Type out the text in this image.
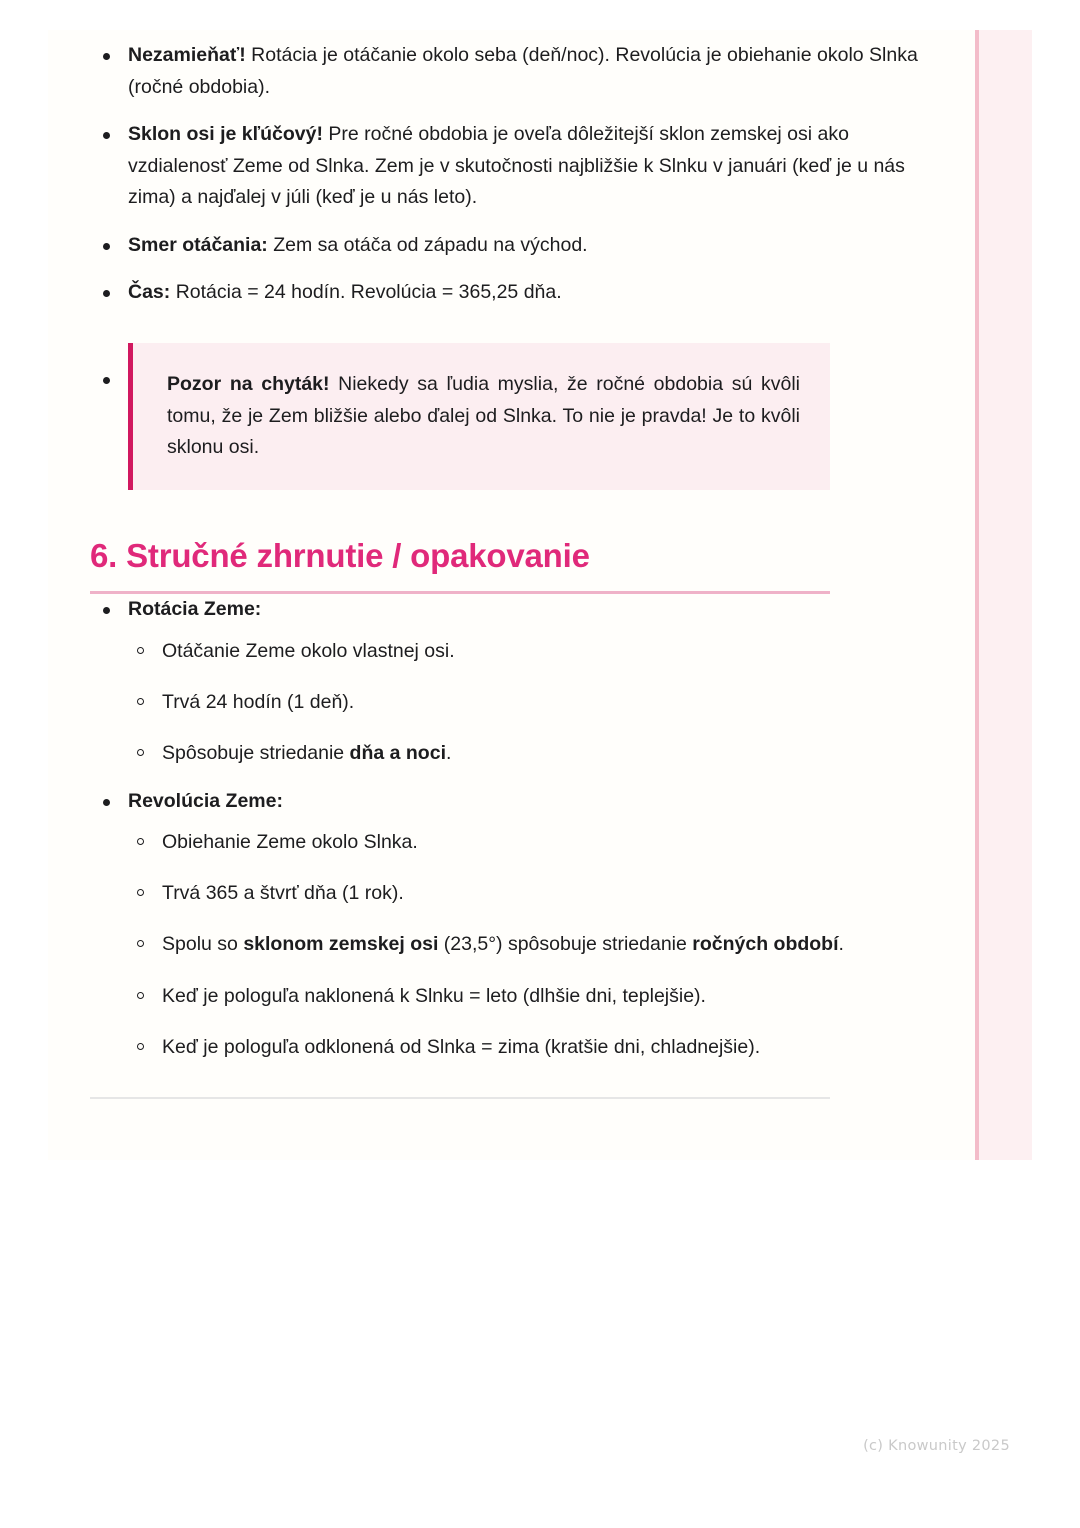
Nezamieňať! Rotácia je otáčanie okolo seba (deň/noc). Revolúcia je obiehanie okolo Slnka (ročné obdobia).
Sklon osi je kľúčový! Pre ročné obdobia je oveľa dôležitejší sklon zemskej osi ako vzdialenosť Zeme od Slnka. Zem je v skutočnosti najbližšie k Slnku v januári (keď je u nás zima) a najďalej v júli (keď je u nás leto).
Smer otáčania: Zem sa otáča od západu na východ.
Čas: Rotácia = 24 hodín. Revolúcia = 365,25 dňa.

Pozor na chyták! Niekedy sa ľudia myslia, že ročné obdobia sú kvôli tomu, že je Zem bližšie alebo ďalej od Slnka. To nie je pravda! Je to kvôli sklonu osi.

6. Stručné zhrnutie / opakovanie
Rotácia Zeme:
Otáčanie Zeme okolo vlastnej osi.
Trvá 24 hodín (1 deň).
Spôsobuje striedanie dňa a noci.
Revolúcia Zeme:
Obiehanie Zeme okolo Slnka.
Trvá 365 a štvrť dňa (1 rok).
Spolu so sklonom zemskej osi (23,5°) spôsobuje striedanie ročných období.
Keď je pologuľa naklonená k Slnku = leto (dlhšie dni, teplejšie).
Keď je pologuľa odklonená od Slnka = zima (kratšie dni, chladnejšie).
(c) Knowunity 2025
